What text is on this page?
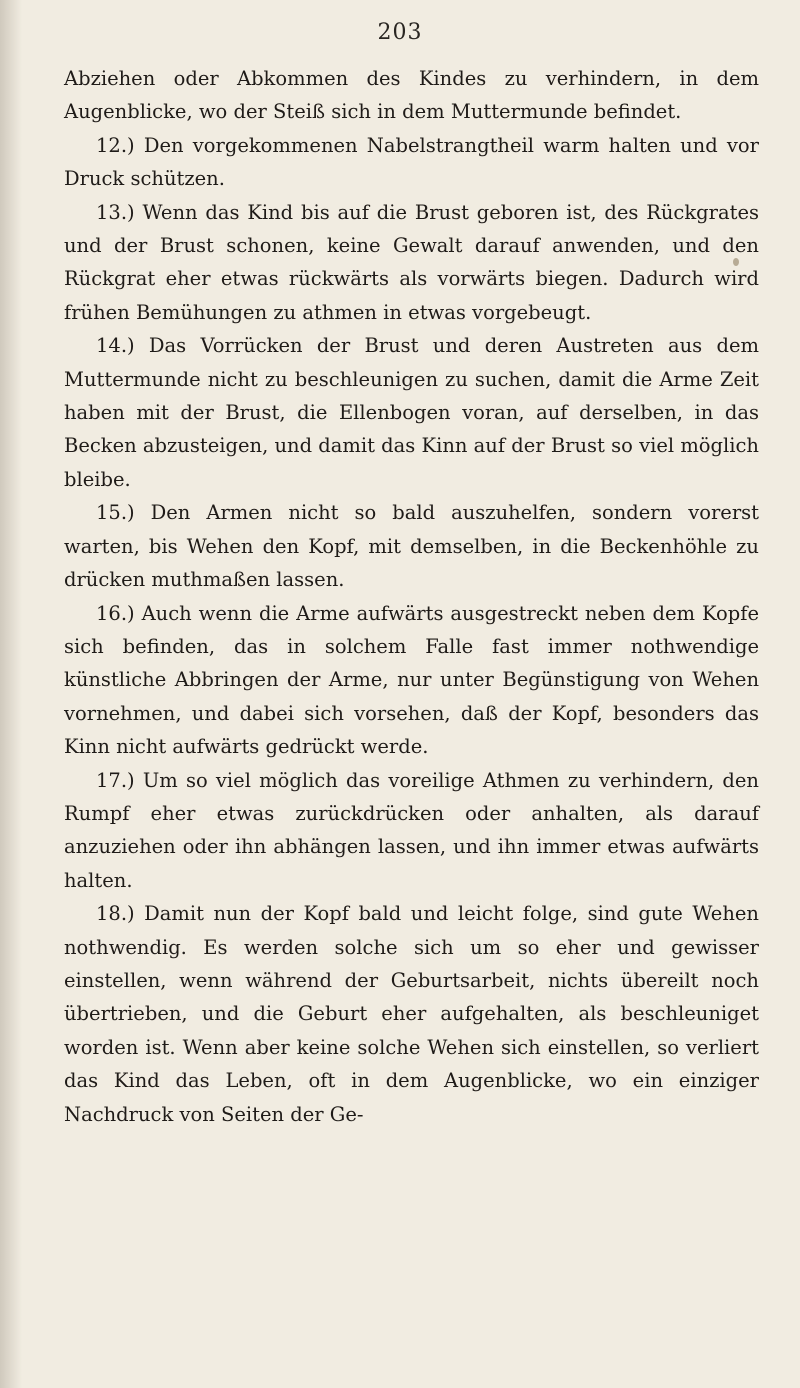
203

Abziehen oder Abkommen des Kindes zu verhindern, in dem Augenblicke, wo der Steiß sich in dem Muttermunde befindet.

12.) Den vorgekommenen Nabelstrangtheil warm halten und vor Druck schützen.

13.) Wenn das Kind bis auf die Brust geboren ist, des Rückgrates und der Brust schonen, keine Gewalt darauf anwenden, und den Rückgrat eher etwas rückwärts als vorwärts biegen. Dadurch wird frühen Bemühungen zu athmen in etwas vorgebeugt.

14.) Das Vorrücken der Brust und deren Austreten aus dem Muttermunde nicht zu beschleunigen zu suchen, damit die Arme Zeit haben mit der Brust, die Ellenbogen voran, auf derselben, in das Becken abzusteigen, und damit das Kinn auf der Brust so viel möglich bleibe.

15.) Den Armen nicht so bald auszuhelfen, sondern vorerst warten, bis Wehen den Kopf, mit demselben, in die Beckenhöhle zu drücken muthmaßen lassen.

16.) Auch wenn die Arme aufwärts ausgestreckt neben dem Kopfe sich befinden, das in solchem Falle fast immer nothwendige künstliche Abbringen der Arme, nur unter Begünstigung von Wehen vornehmen, und dabei sich vorsehen, daß der Kopf, besonders das Kinn nicht aufwärts gedrückt werde.

17.) Um so viel möglich das voreilige Athmen zu verhindern, den Rumpf eher etwas zurückdrücken oder anhalten, als darauf anzuziehen oder ihn abhängen lassen, und ihn immer etwas aufwärts halten.

18.) Damit nun der Kopf bald und leicht folge, sind gute Wehen nothwendig. Es werden solche sich um so eher und gewisser einstellen, wenn während der Geburtsarbeit, nichts übereilt noch übertrieben, und die Geburt eher aufgehalten, als beschleuniget worden ist. Wenn aber keine solche Wehen sich einstellen, so verliert das Kind das Leben, oft in dem Augenblicke, wo ein einziger Nachdruck von Seiten der Ge-
